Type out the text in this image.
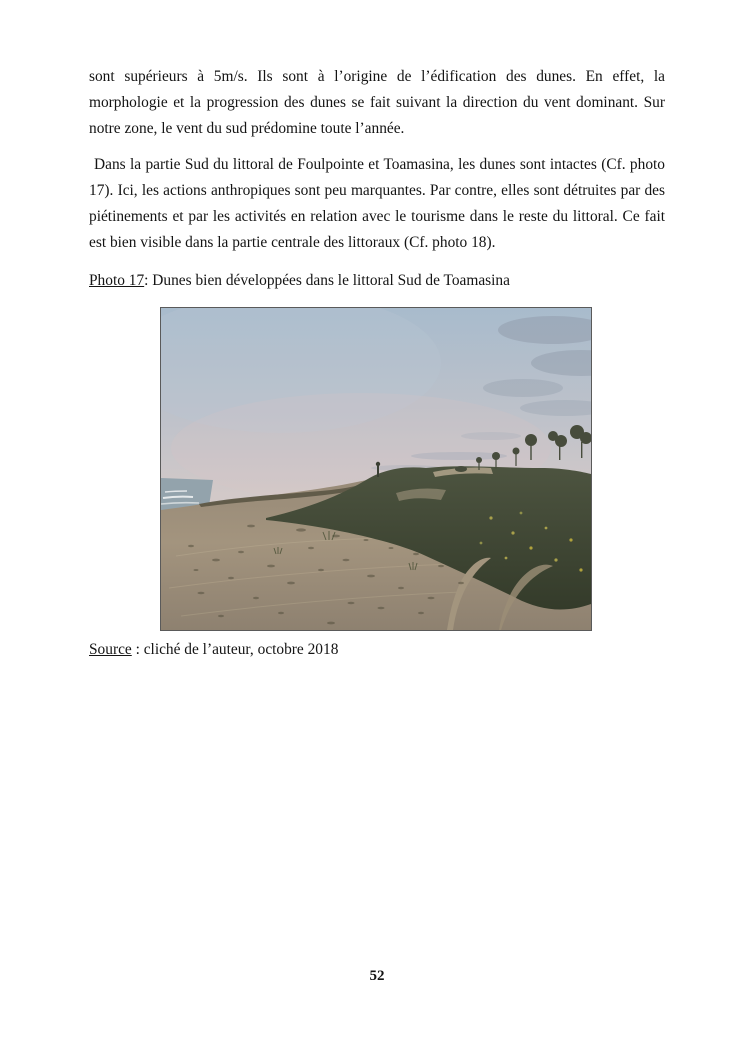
sont supérieurs à 5m/s. Ils sont à l’origine de l’édification des dunes. En effet, la morphologie et la progression des dunes se fait suivant la direction du vent dominant. Sur notre zone, le vent du sud prédomine toute l’année.

Dans la partie Sud du littoral de Foulpointe et Toamasina, les dunes sont intactes (Cf. photo 17). Ici, les actions anthropiques sont peu marquantes. Par contre, elles sont détruites par des piétinements et par les activités en relation avec le tourisme dans le reste du littoral. Ce fait est bien visible dans la partie centrale des littoraux (Cf. photo 18).

Photo 17: Dunes bien développées dans le littoral Sud de Toamasina

Source : cliché de l’auteur, octobre 2018

52
